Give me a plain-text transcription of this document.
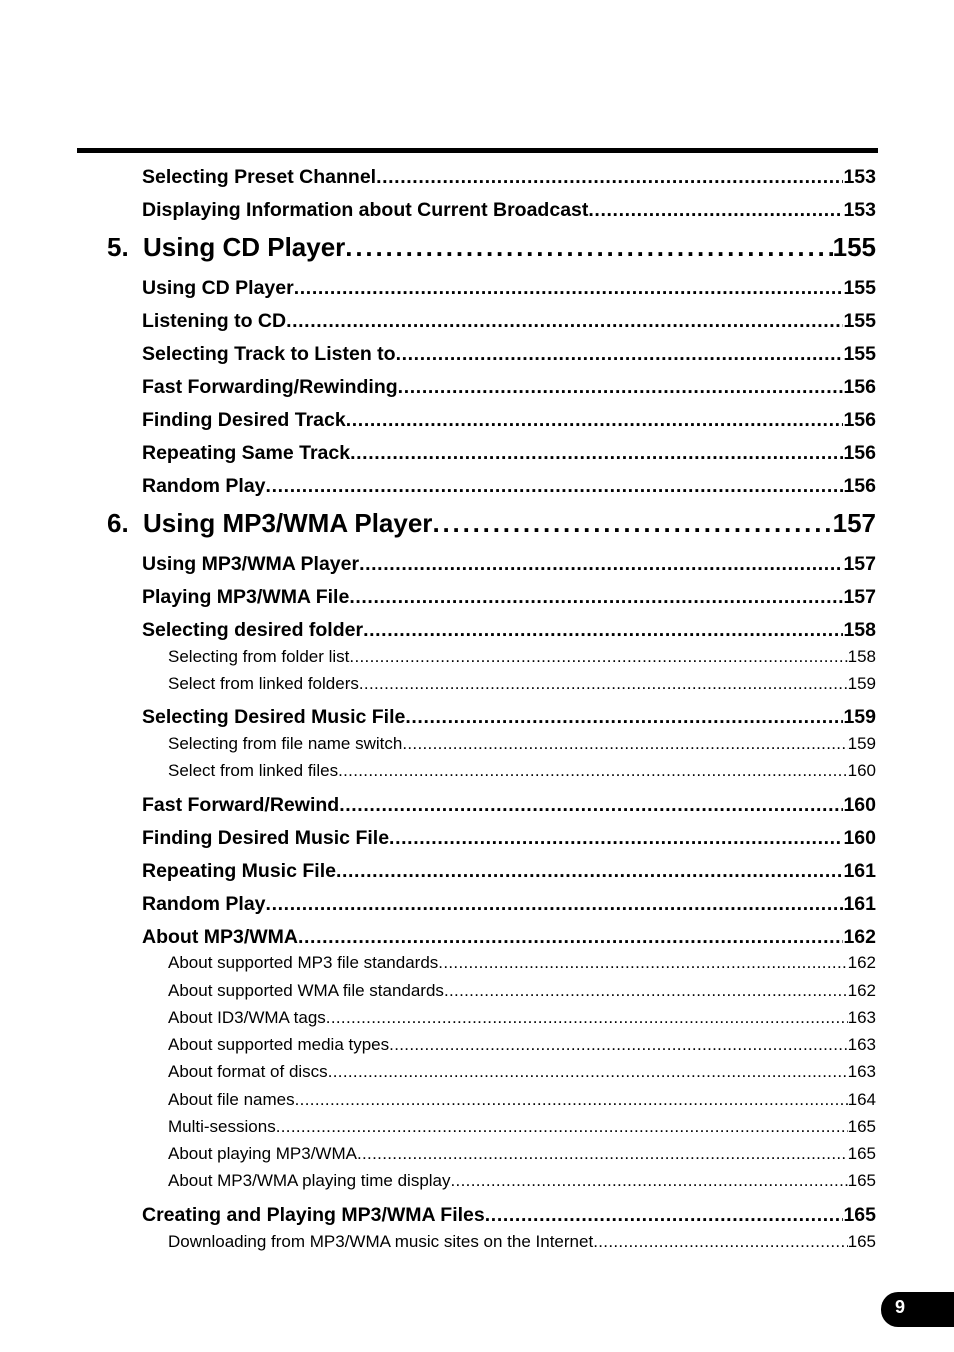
Selecting Preset Channel . . .	153
Displaying Information about Current Broadcast . . .	153
5. Using CD Player . . .	155
Using CD Player . . .	155
Listening to CD . . .	155
Selecting Track to Listen to . . .	155
Fast Forwarding/Rewinding . . .	156
Finding Desired Track . . .	156
Repeating Same Track . . .	156
Random Play . . .	156
6. Using MP3/WMA Player . . .	157
Using MP3/WMA Player . . .	157
Playing MP3/WMA File . . .	157
Selecting desired folder . . .	158
Selecting from folder list . . .	158
Select from linked folders . . .	159
Selecting Desired Music File . . .	159
Selecting from file name switch . . .	159
Select from linked files . . .	160
Fast Forward/Rewind . . .	160
Finding Desired Music File . . .	160
Repeating Music File . . .	161
Random Play . . .	161
About MP3/WMA . . .	162
About supported MP3 file standards . . .	162
About supported WMA file standards . . .	162
About ID3/WMA tags . . .	163
About supported media types . . .	163
About format of discs . . .	163
About file names . . .	164
Multi-sessions . . .	165
About playing MP3/WMA . . .	165
About MP3/WMA playing time display . . .	165
Creating and Playing MP3/WMA Files . . .	165
Downloading from MP3/WMA music sites on the Internet . . .	165
9
